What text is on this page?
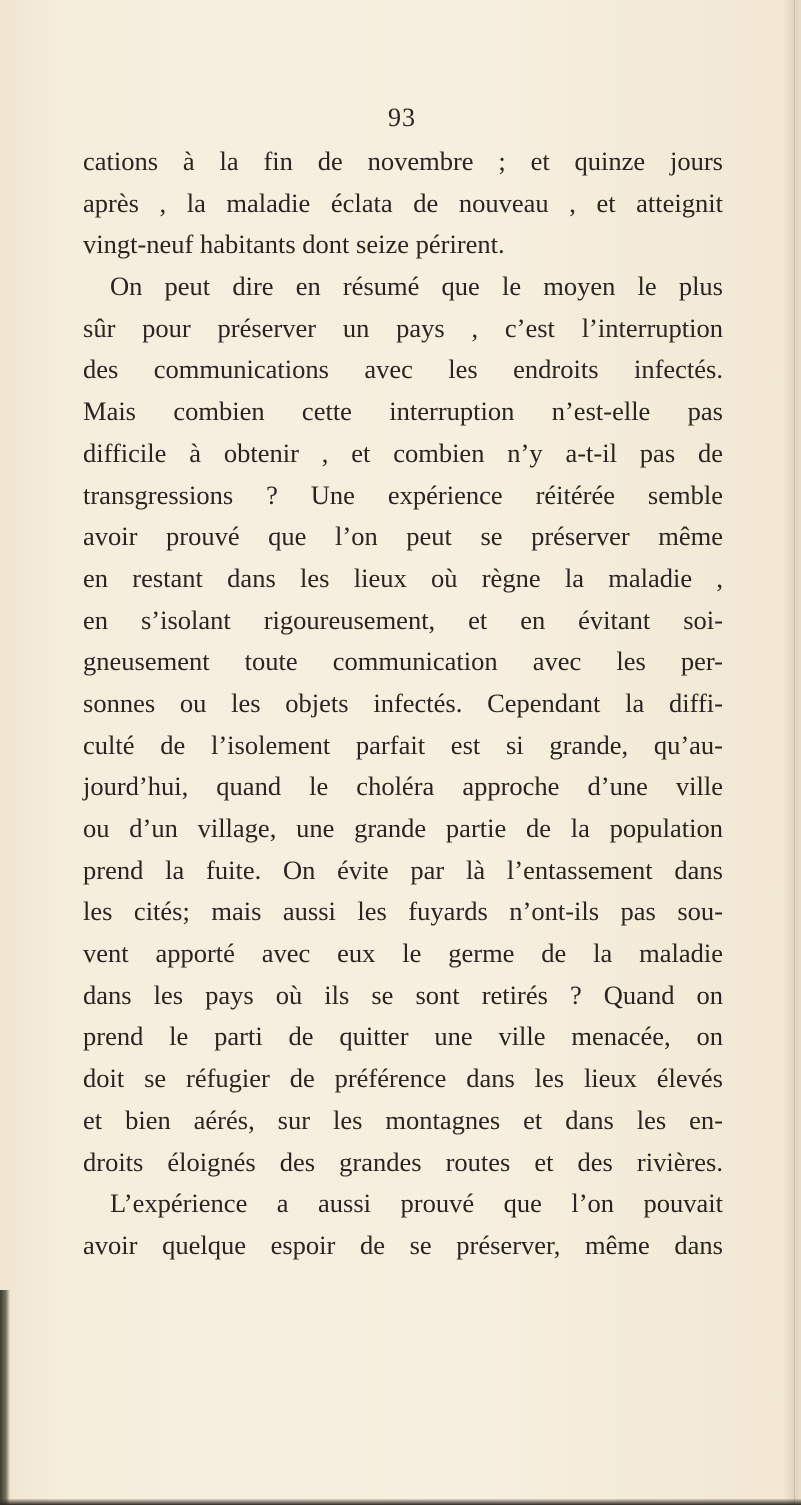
93
cations à la fin de novembre ; et quinze jours
après , la maladie éclata de nouveau , et atteignit
vingt-neuf habitants dont seize périrent.
On peut dire en résumé que le moyen le plus
sûr pour préserver un pays , c’est l’interruption
des communications avec les endroits infectés.
Mais combien cette interruption n’est-elle pas
difficile à obtenir , et combien n’y a-t-il pas de
transgressions ? Une expérience réitérée semble
avoir prouvé que l’on peut se préserver même
en restant dans les lieux où règne la maladie ,
en s’isolant rigoureusement, et en évitant soi-
gneusement toute communication avec les per-
sonnes ou les objets infectés. Cependant la diffi-
culté de l’isolement parfait est si grande, qu’au-
jourd’hui, quand le choléra approche d’une ville
ou d’un village, une grande partie de la population
prend la fuite. On évite par là l’entassement dans
les cités; mais aussi les fuyards n’ont-ils pas sou-
vent apporté avec eux le germe de la maladie
dans les pays où ils se sont retirés ? Quand on
prend le parti de quitter une ville menacée, on
doit se réfugier de préférence dans les lieux élevés
et bien aérés, sur les montagnes et dans les en-
droits éloignés des grandes routes et des rivières.
L’expérience a aussi prouvé que l’on pouvait
avoir quelque espoir de se préserver, même dans
